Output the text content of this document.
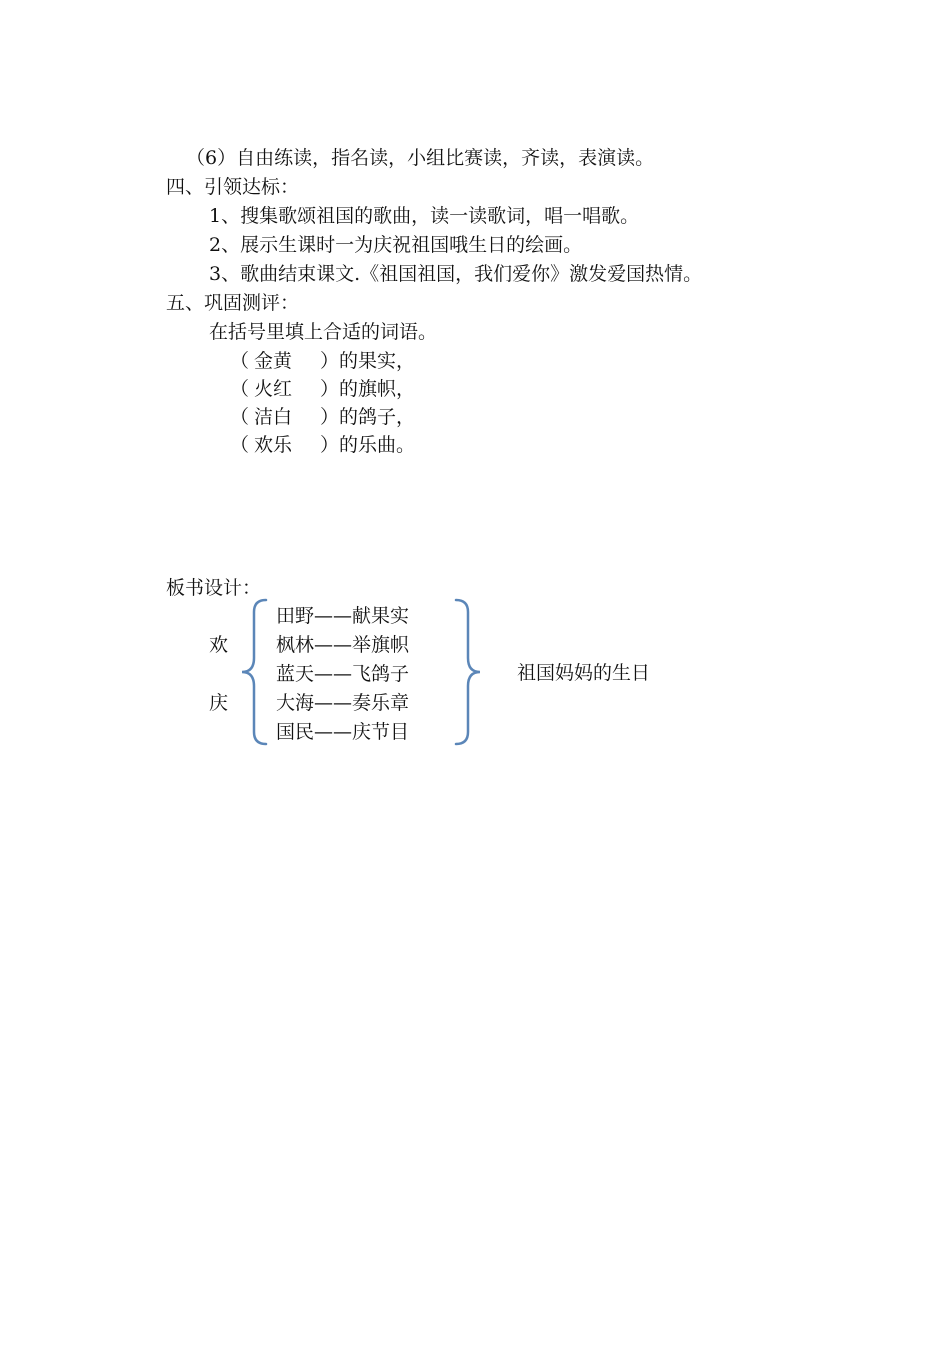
（6）自由练读，指名读，小组比赛读，齐读，表演读。
四、引领达标：
1、搜集歌颂祖国的歌曲，读一读歌词，唱一唱歌。
2、展示生课时一为庆祝祖国哦生日的绘画。
3、歌曲结束课文.《祖国祖国，我们爱你》激发爱国热情。
五、巩固测评：
在括号里填上合适的词语。
（ 金黄 ）的果实，
（ 火红 ）的旗帜，
（ 洁白 ）的鸽子，
（ 欢乐 ）的乐曲。
板书设计：
欢
庆
田野——献果实
枫林——举旗帜
蓝天——飞鸽子
大海——奏乐章
国民——庆节目
祖国妈妈的生日
